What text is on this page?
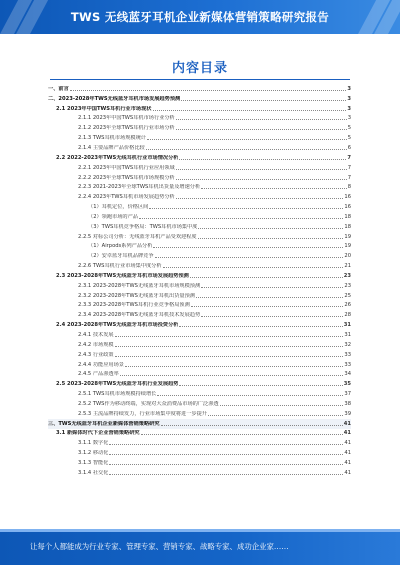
TWS 无线蓝牙耳机企业新媒体营销策略研究报告
内容目录
一、前言	3
二、2023-2028年TWS无线蓝牙耳机市场发展趋势预测	3
2.1 2023年中国TWS耳机行业市场现状	3
2.1.1 2023年中国TWS耳机市场行业分析	3
2.1.2 2023年全球TWS耳机行业市场分析	5
2.1.3 TWS耳机市场规模统计	5
2.1.4 主要品牌产品价格比较	6
2.2 2022-2023年TWS无线耳机行业市场情况分析	7
2.2.1 2023年中国TWS耳机行业应用领域	7
2.2.2 2023年全球TWS耳机市场规模分析	7
2.2.3 2021-2023年全球TWS耳机出货量及增速分析	8
2.2.4 2023年TWS耳机市场发展趋势分析	16
（1）耳机定位，价格区间	16
（2）领跑市场的产品	18
（3）TWS耳机竞争格局：TWS耳机市场集中度	18
2.2.5 对标公司分析：无线蓝牙耳机产品受欢迎程度	19
（1）Airpods系列产品分析	19
（2）安卓蓝牙耳机品牌竞争	20
2.2.6 TWS耳机行业市场集中度分析	21
2.3 2023-2028年TWS无线蓝牙耳机市场发展趋势预测	23
2.3.1 2023-2028年TWS无线蓝牙耳机市场规模预测	23
2.3.2 2023-2028年TWS无线蓝牙耳机出货量预测	25
2.3.3 2023-2028年TWS耳机行业竞争格局预测	26
2.3.4 2023-2028年TWS无线蓝牙耳机技术发展趋势	28
2.4 2023-2028年TWS无线蓝牙耳机市场投资分析	31
2.4.1 技术发展	31
2.4.2 市场规模	32
2.4.3 行业政策	33
2.4.4 功能应用场景	33
2.4.5 产品渗透率	34
2.5 2023-2028年TWS无线蓝牙耳机行业发展趋势	35
2.5.1 TWS耳机市场规模持续增长	37
2.5.2 TWS作为移动终端，实现对大众消费品市场的广泛渗透	38
2.5.3 主流品牌持续发力，行业市场集中度将进一步提升	39
三、TWS无线蓝牙耳机企业新媒体营销策略研究	41
3.1 新媒体时代下企业营销策略研究	41
3.1.1 数字化	41
3.1.2 移动化	41
3.1.3 智能化	41
3.1.4 社交化	41
让每个人都能成为行业专家、管理专家、营销专家、战略专家、成功企业家……
